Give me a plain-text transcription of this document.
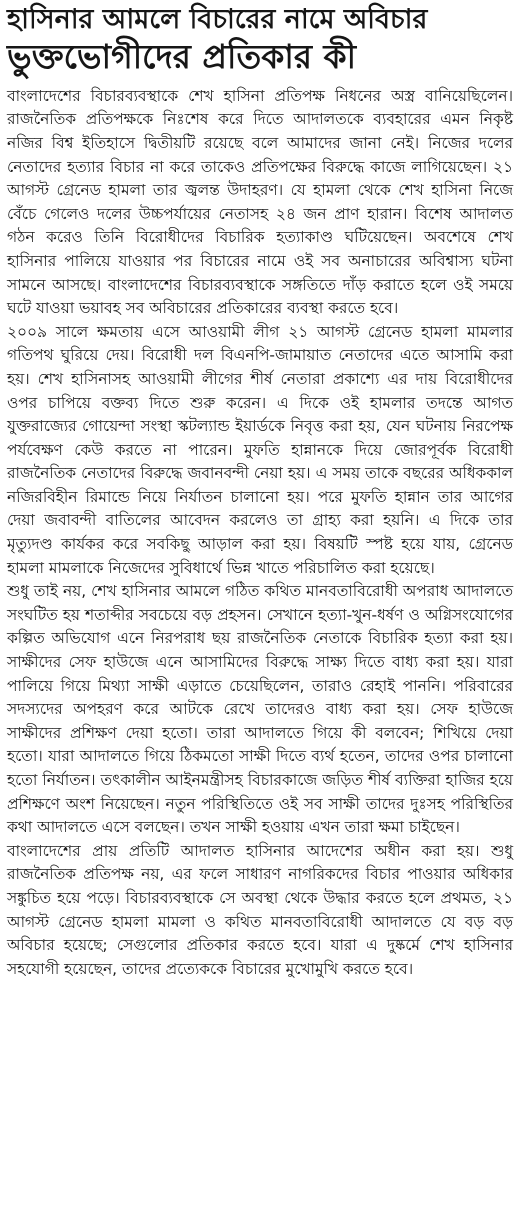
হাসিনার আমলে বিচারের নামে অবিচার
ভুক্তভোগীদের প্রতিকার কী

বাংলাদেশের বিচারব্যবস্থাকে শেখ হাসিনা প্রতিপক্ষ নিধনের অস্ত্র বানিয়েছিলেন। রাজনৈতিক প্রতিপক্ষকে নিঃশেষ করে দিতে আদালতকে ব্যবহারের এমন নিকৃষ্ট নজির বিশ্ব ইতিহাসে দ্বিতীয়টি রয়েছে বলে আমাদের জানা নেই। নিজের দলের নেতাদের হত্যার বিচার না করে তাকেও প্রতিপক্ষের বিরুদ্ধে কাজে লাগিয়েছেন। ২১ আগস্ট গ্রেনেড হামলা তার জ্বলন্ত উদাহরণ। যে হামলা থেকে শেখ হাসিনা নিজে বেঁচে গেলেও দলের উচ্চপর্যায়ের নেতাসহ ২৪ জন প্রাণ হারান। বিশেষ আদালত গঠন করেও তিনি বিরোধীদের বিচারিক হত্যাকাণ্ড ঘটিয়েছেন। অবশেষে শেখ হাসিনার পালিয়ে যাওয়ার পর বিচারের নামে ওই সব অনাচারের অবিশ্বাস্য ঘটনা সামনে আসছে। বাংলাদেশের বিচারব্যবস্থাকে সঙ্গতিতে দাঁড় করাতে হলে ওই সময়ে ঘটে যাওয়া ভয়াবহ সব অবিচারের প্রতিকারের ব্যবস্থা করতে হবে।

২০০৯ সালে ক্ষমতায় এসে আওয়ামী লীগ ২১ আগস্ট গ্রেনেড হামলা মামলার গতিপথ ঘুরিয়ে দেয়। বিরোধী দল বিএনপি-জামায়াত নেতাদের এতে আসামি করা হয়। শেখ হাসিনাসহ আওয়ামী লীগের শীর্ষ নেতারা প্রকাশ্যে এর দায় বিরোধীদের ওপর চাপিয়ে বক্তব্য দিতে শুরু করেন। এ দিকে ওই হামলার তদন্তে আগত যুক্তরাজ্যের গোয়েন্দা সংস্থা স্কটল্যান্ড ইয়ার্ডকে নিবৃত্ত করা হয়, যেন ঘটনায় নিরপেক্ষ পর্যবেক্ষণ কেউ করতে না পারেন। মুফতি হান্নানকে দিয়ে জোরপূর্বক বিরোধী রাজনৈতিক নেতাদের বিরুদ্ধে জবানবন্দী নেয়া হয়। এ সময় তাকে বছরের অধিককাল নজিরবিহীন রিমান্ডে নিয়ে নির্যাতন চালানো হয়। পরে মুফতি হান্নান তার আগের দেয়া জবাবন্দী বাতিলের আবেদন করলেও তা গ্রাহ্য করা হয়নি। এ দিকে তার মৃত্যুদণ্ড কার্যকর করে সবকিছু আড়াল করা হয়। বিষয়টি স্পষ্ট হয়ে যায়, গ্রেনেড হামলা মামলাকে নিজেদের সুবিধার্থে ভিন্ন খাতে পরিচালিত করা হয়েছে।

শুধু তাই নয়, শেখ হাসিনার আমলে গঠিত কথিত মানবতাবিরোধী অপরাধ আদালতে সংঘটিত হয় শতাব্দীর সবচেয়ে বড় প্রহসন। সেখানে হত্যা-খুন-ধর্ষণ ও অগ্নিসংযোগের কল্পিত অভিযোগ এনে নিরপরাধ ছয় রাজনৈতিক নেতাকে বিচারিক হত্যা করা হয়। সাক্ষীদের সেফ হাউজে এনে আসামিদের বিরুদ্ধে সাক্ষ্য দিতে বাধ্য করা হয়। যারা পালিয়ে গিয়ে মিথ্যা সাক্ষী এড়াতে চেয়েছিলেন, তারাও রেহাই পাননি। পরিবারের সদস্যদের অপহরণ করে আটকে রেখে তাদেরও বাধ্য করা হয়। সেফ হাউজে সাক্ষীদের প্রশিক্ষণ দেয়া হতো। তারা আদালতে গিয়ে কী বলবেন; শিখিয়ে দেয়া হতো। যারা আদালতে গিয়ে ঠিকমতো সাক্ষী দিতে ব্যর্থ হতেন, তাদের ওপর চালানো হতো নির্যাতন। তৎকালীন আইনমন্ত্রীসহ বিচারকাজে জড়িত শীর্ষ ব্যক্তিরা হাজির হয়ে প্রশিক্ষণে অংশ নিয়েছেন। নতুন পরিস্থিতিতে ওই সব সাক্ষী তাদের দুঃসহ পরিস্থিতির কথা আদালতে এসে বলছেন। তখন সাক্ষী হওয়ায় এখন তারা ক্ষমা চাইছেন।

বাংলাদেশের প্রায় প্রতিটি আদালত হাসিনার আদেশের অধীন করা হয়। শুধু রাজনৈতিক প্রতিপক্ষ নয়, এর ফলে সাধারণ নাগরিকদের বিচার পাওয়ার অধিকার সঙ্কুচিত হয়ে পড়ে। বিচারব্যবস্থাকে সে অবস্থা থেকে উদ্ধার করতে হলে প্রথমত, ২১ আগস্ট গ্রেনেড হামলা মামলা ও কথিত মানবতাবিরোধী আদালতে যে বড় বড় অবিচার হয়েছে; সেগুলোর প্রতিকার করতে হবে। যারা এ দুষ্কর্মে শেখ হাসিনার সহযোগী হয়েছেন, তাদের প্রত্যেককে বিচারের মুখোমুখি করতে হবে।
